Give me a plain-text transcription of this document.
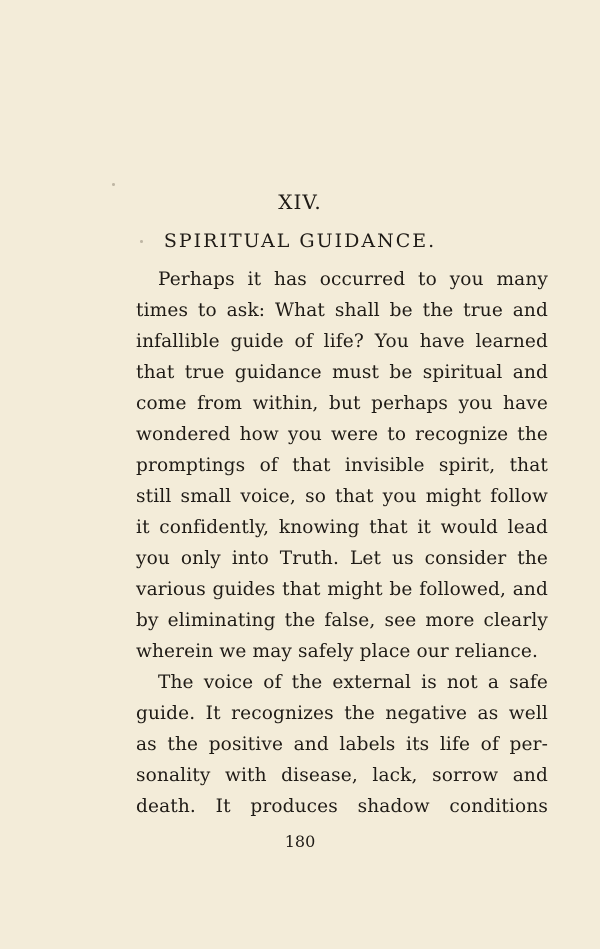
XIV.
SPIRITUAL GUIDANCE.
Perhaps it has occurred to you many
times to ask: What shall be the true and
infallible guide of life? You have learned
that true guidance must be spiritual and
come from within, but perhaps you have
wondered how you were to recognize the
promptings of that invisible spirit, that
still small voice, so that you might follow
it confidently, knowing that it would lead
you only into Truth. Let us consider the
various guides that might be followed, and
by eliminating the false, see more clearly
wherein we may safely place our reliance.
The voice of the external is not a safe
guide. It recognizes the negative as well
as the positive and labels its life of per-
sonality with disease, lack, sorrow and
death. It produces shadow conditions
180
